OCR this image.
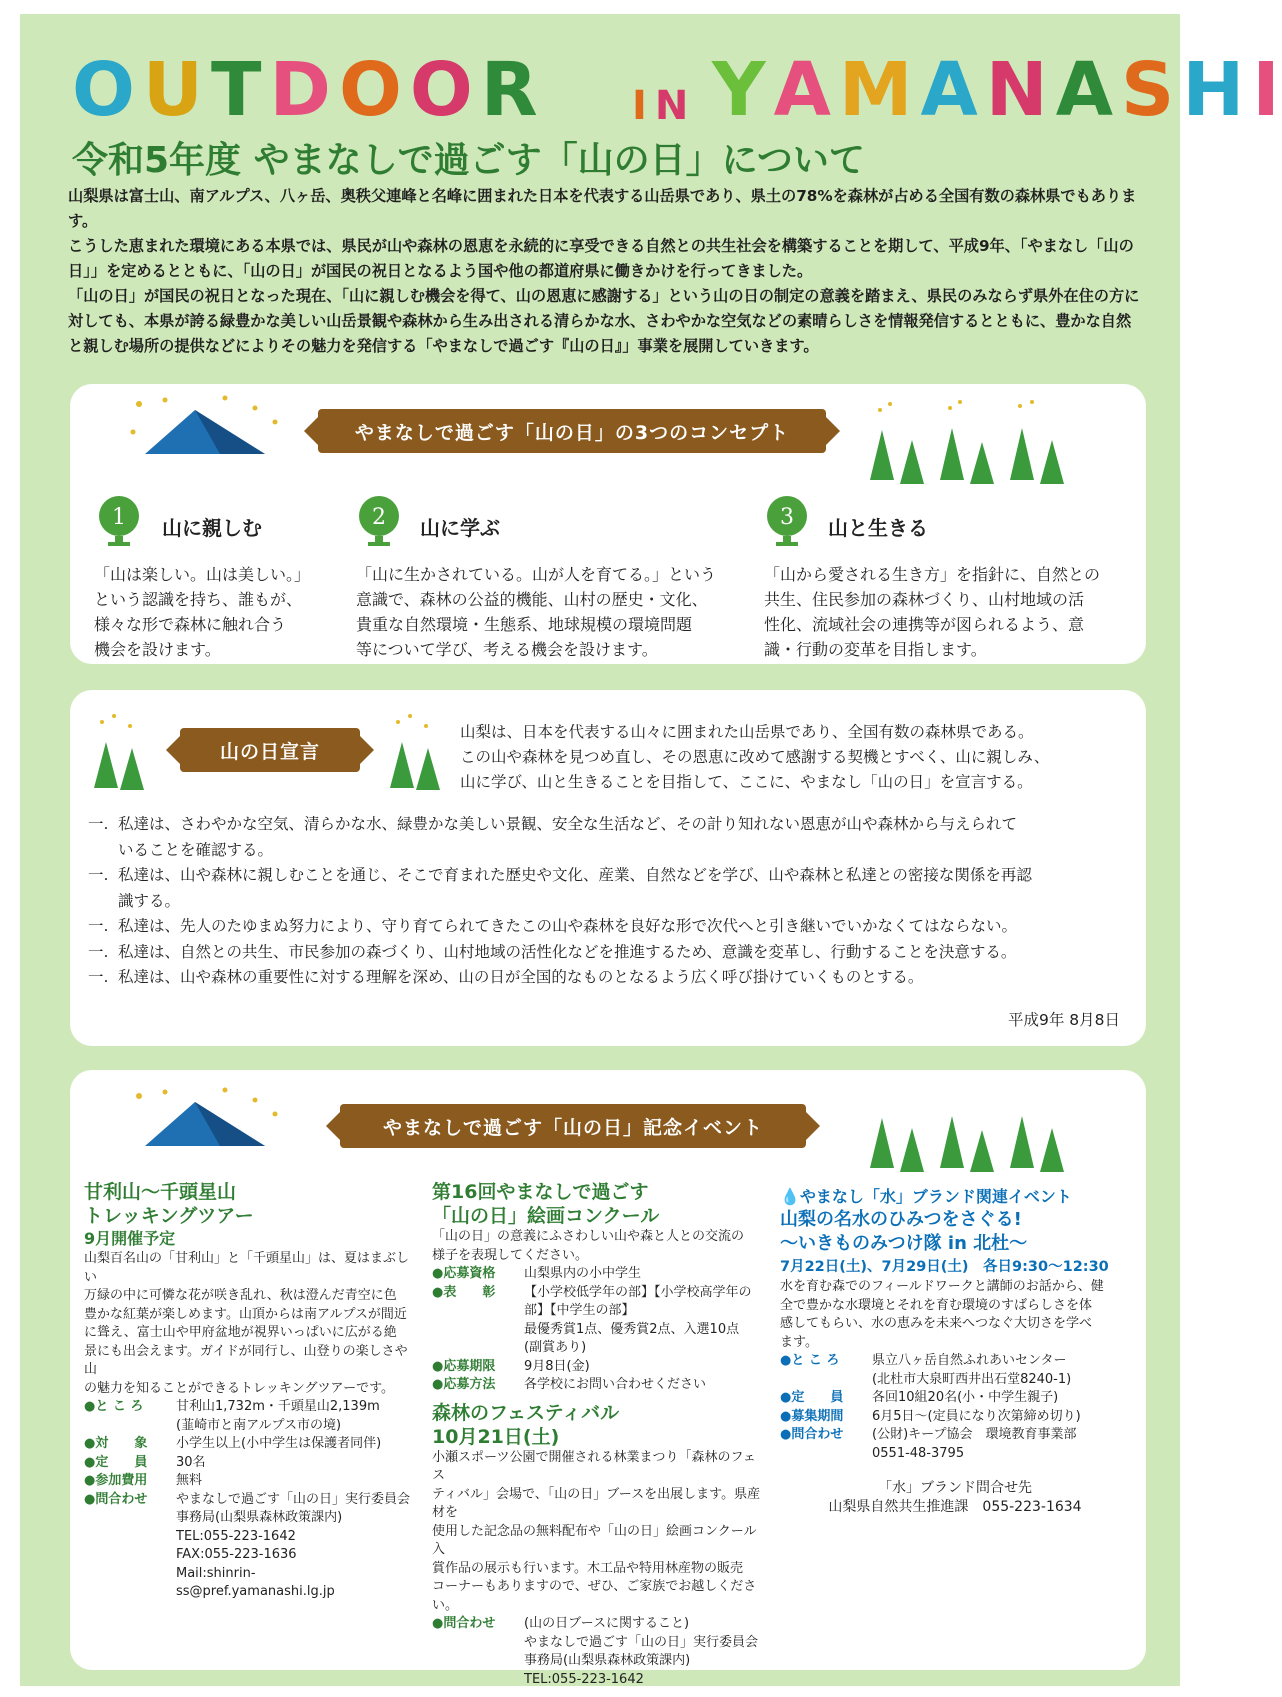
O U T D O O R I N Y A M A N A S H I
令和5年度 やまなしで過ごす「山の日」について

山梨県は富士山、南アルプス、八ヶ岳、奥秩父連峰と名峰に囲まれた日本を代表する山岳県であり、県土の78%を森林が占める全国有数の森林県でもあります。

こうした恵まれた環境にある本県では、県民が山や森林の恩恵を永続的に享受できる自然との共生社会を構築することを期して、平成9年、「やまなし「山の日」」を定めるとともに、「山の日」が国民の祝日となるよう国や他の都道府県に働きかけを行ってきました。

「山の日」が国民の祝日となった現在、「山に親しむ機会を得て、山の恩恵に感謝する」という山の日の制定の意義を踏まえ、県民のみならず県外在住の方に対しても、本県が誇る緑豊かな美しい山岳景観や森林から生み出される清らかな水、さわやかな空気などの素晴らしさを情報発信するとともに、豊かな自然と親しむ場所の提供などによりその魅力を発信する「やまなしで過ごす『山の日』」事業を展開していきます。

やまなしで過ごす「山の日」の3つのコンセプト
1 山に親しむ
「山は楽しい。山は美しい。」
という認識を持ち、誰もが、
様々な形で森林に触れ合う
機会を設けます。
2 山に学ぶ
「山に生かされている。山が人を育てる。」という
意識で、森林の公益的機能、山村の歴史・文化、
貴重な自然環境・生態系、地球規模の環境問題
等について学び、考える機会を設けます。
3 山と生きる
「山から愛される生き方」を指針に、自然との
共生、住民参加の森林づくり、山村地域の活
性化、流域社会の連携等が図られるよう、意
識・行動の変革を目指します。
山の日宣言
山梨は、日本を代表する山々に囲まれた山岳県であり、全国有数の森林県である。
この山や森林を見つめ直し、その恩恵に改めて感謝する契機とすべく、山に親しみ、
山に学び、山と生きることを目指して、ここに、やまなし「山の日」を宣言する。
一. 私達は、さわやかな空気、清らかな水、緑豊かな美しい景観、安全な生活など、その計り知れない恩恵が山や森林から与えられて
いることを確認する。
一. 私達は、山や森林に親しむことを通じ、そこで育まれた歴史や文化、産業、自然などを学び、山や森林と私達との密接な関係を再認
識する。
一. 私達は、先人のたゆまぬ努力により、守り育てられてきたこの山や森林を良好な形で次代へと引き継いでいかなくてはならない。
一. 私達は、自然との共生、市民参加の森づくり、山村地域の活性化などを推進するため、意識を変革し、行動することを決意する。
一. 私達は、山や森林の重要性に対する理解を深め、山の日が全国的なものとなるよう広く呼び掛けていくものとする。
平成9年 8月8日
やまなしで過ごす「山の日」記念イベント
甘利山～千頭星山
トレッキングツアー
9月開催予定
山梨百名山の「甘利山」と「千頭星山」は、夏はまぶしい
万緑の中に可憐な花が咲き乱れ、秋は澄んだ青空に色
豊かな紅葉が楽しめます。山頂からは南アルプスが間近
に聳え、富士山や甲府盆地が視界いっぱいに広がる絶
景にも出会えます。ガイドが同行し、山登りの楽しさや山
の魅力を知ることができるトレッキングツアーです。
●と こ ろ	甘利山1,732m・千頭星山2,139m
(韮崎市と南アルプス市の境)
●対　　象	小学生以上(小中学生は保護者同伴)
●定　　員	30名
●参加費用	無料
●問合わせ	やまなしで過ごす「山の日」実行委員会
事務局(山梨県森林政策課内)
TEL:055-223-1642
FAX:055-223-1636
Mail:shinrin-ss@pref.yamanashi.lg.jp
第16回やまなしで過ごす
「山の日」絵画コンクール
「山の日」の意義にふさわしい山や森と人との交流の
様子を表現してください。
●応募資格	山梨県内の小中学生
●表　　彰	【小学校低学年の部】【小学校高学年の
部】【中学生の部】
最優秀賞1点、優秀賞2点、入選10点
(副賞あり)
●応募期限	9月8日(金)
●応募方法	各学校にお問い合わせください
森林のフェスティバル
10月21日(土)
小瀬スポーツ公園で開催される林業まつり「森林のフェス
ティバル」会場で、「山の日」ブースを出展します。県産材を
使用した記念品の無料配布や「山の日」絵画コンクール入
賞作品の展示も行います。木工品や特用林産物の販売
コーナーもありますので、ぜひ、ご家族でお越しください。
●問合わせ	(山の日ブースに関すること)
やまなしで過ごす「山の日」実行委員会
事務局(山梨県森林政策課内)
TEL:055-223-1642
💧やまなし「水」ブランド関連イベント
山梨の名水のひみつをさぐる!
～いきものみつけ隊 in 北杜～
7月22日(土)、7月29日(土)　各日9:30～12:30
水を育む森でのフィールドワークと講師のお話から、健
全で豊かな水環境とそれを育む環境のすばらしさを体
感してもらい、水の恵みを未来へつなぐ大切さを学べ
ます。
●と こ ろ	県立八ヶ岳自然ふれあいセンター
(北杜市大泉町西井出石堂8240-1)
●定　　員	各回10組20名(小・中学生親子)
●募集期間	6月5日～(定員になり次第締め切り)
●問合わせ	(公財)キープ協会　環境教育事業部
0551-48-3795
「水」ブランド問合せ先
山梨県自然共生推進課　055-223-1634
